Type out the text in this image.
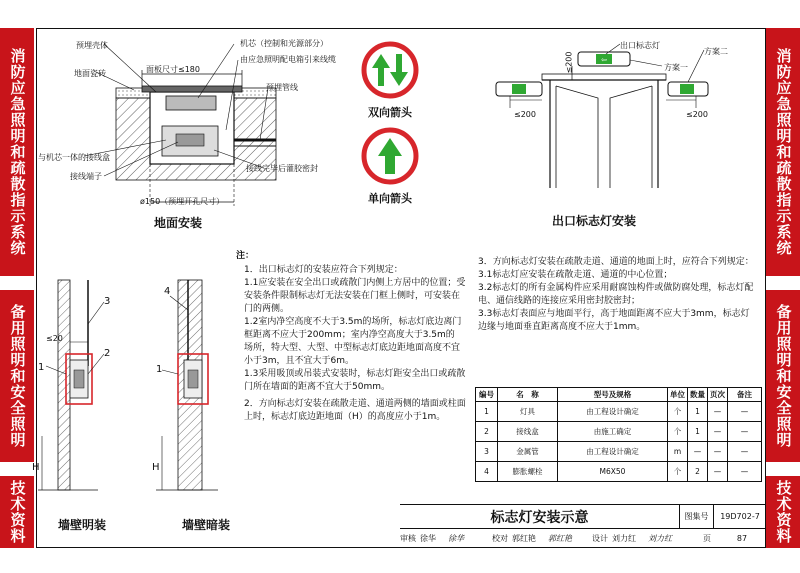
消防应急照明和疏散指示系统
备用照明和安全照明
技术资料
消防应急照明和疏散指示系统
备用照明和安全照明
技术资料
预埋壳体
地面瓷砖	面板尺寸≤180
机芯（控制和光源部分）
由应急照明配电箱引来线缆
预埋管线
与机芯一体的接线盒
接线端子
接线完毕后灌胶密封
ø150（预埋开孔尺寸）
地面安装
双向箭头
单向箭头
⇦
出口标志灯
方案二
方案一
≤200	≤200
≤200
出口标志灯安装
≤20
3
2
1
H
4
1
H
墙壁明装	墙壁暗装
注：
1．出口标志灯的安装应符合下列规定：
1.1应安装在安全出口或疏散门内侧上方居中的位置；受
安装条件限制标志灯无法安装在门框上侧时，可安装在
门的两侧。
1.2室内净空高度不大于3.5m的场所，标志灯底边离门
框距离不应大于200mm；室内净空高度大于3.5m的
场所，特大型、大型、中型标志灯底边距地面高度不宜
小于3m，且不宜大于6m。
1.3采用吸顶或吊装式安装时，标志灯距安全出口或疏散
门所在墙面的距离不宜大于50mm。
2．方向标志灯安装在疏散走道、通道两侧的墙面或柱面
上时，标志灯底边距地面（H）的高度应小于1m。
3．方向标志灯安装在疏散走道、通道的地面上时，应符合下列规定：
3.1标志灯应安装在疏散走道、通道的中心位置；
3.2标志灯的所有金属构件应采用耐腐蚀构件或做防腐处理，标志灯配
电、通信线路的连接应采用密封胶密封；
3.3标志灯表面应与地面平行，高于地面距离不应大于3mm，标志灯
边缘与地面垂直距离高度不应大于1mm。
编号	名　称	型号及规格	单位	数量	页次	备注
1	灯具	由工程设计确定	个	1	—	—
2	接线盒	由施工确定	个	1	—	—
3	金属管	由工程设计确定	m	—	—	—
4	膨胀螺栓	M6X50	个	2	—	—
标志灯安装示意	图集号	19D702-7
审核 徐华	徐华	校对 郭红艳	郭红艳	设计 刘力红	刘力红	页	87
